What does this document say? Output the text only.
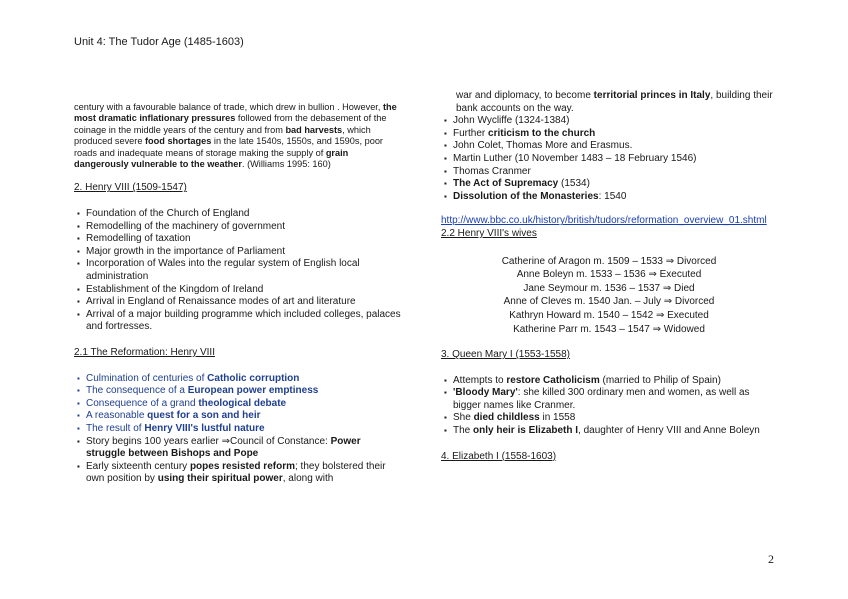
Unit 4: The Tudor Age (1485-1603)

century with a favourable balance of trade, which drew in bullion . However, the most dramatic inflationary pressures followed from the debasement of the coinage in the middle years of the century and from bad harvests, which produced severe food shortages in the late 1540s, 1550s, and 1590s, poor roads and inadequate means of storage making the supply of grain dangerously vulnerable to the weather. (Williams 1995: 160)

2. Henry VIII (1509-1547)

▪ Foundation of the Church of England
▪ Remodelling of the machinery of government
▪ Remodelling of taxation
▪ Major growth in the importance of Parliament
▪ Incorporation of Wales into the regular system of English local administration
▪ Establishment of the Kingdom of Ireland
▪ Arrival in England of Renaissance modes of art and literature
▪ Arrival of a major building programme which included colleges, palaces and fortresses.

2.1 The Reformation: Henry VIII

▪ Culmination of centuries of Catholic corruption
▪ The consequence of a European power emptiness
▪ Consequence of a grand theological debate
▪ A reasonable quest for a son and heir
▪ The result of Henry VIII's lustful nature
▪ Story begins 100 years earlier ⇒Council of Constance: Power struggle between Bishops and Pope
▪ Early sixteenth century popes resisted reform; they bolstered their own position by using their spiritual power, along with

war and diplomacy, to become territorial princes in Italy, building their bank accounts on the way.

▪ John Wycliffe (1324-1384)
▪ Further criticism to the church
▪ John Colet, Thomas More and Erasmus.
▪ Martin Luther (10 November 1483 – 18 February 1546)
▪ Thomas Cranmer
▪ The Act of Supremacy (1534)
▪ Dissolution of the Monasteries: 1540

http://www.bbc.co.uk/history/british/tudors/reformation_overview_01.shtml

2.2 Henry VIII's wives

Catherine of Aragon m. 1509 – 1533 ⇒ Divorced
Anne Boleyn m. 1533 – 1536 ⇒ Executed
Jane Seymour m. 1536 – 1537 ⇒ Died
Anne of Cleves m. 1540 Jan. – July ⇒ Divorced
Kathryn Howard m. 1540 – 1542 ⇒ Executed
Katherine Parr m. 1543 – 1547 ⇒ Widowed

3. Queen Mary I (1553-1558)

▪ Attempts to restore Catholicism (married to Philip of Spain)
▪ 'Bloody Mary': she killed 300 ordinary men and women, as well as bigger names like Cranmer.
▪ She died childless in 1558
▪ The only heir is Elizabeth I, daughter of Henry VIII and Anne Boleyn

4. Elizabeth I (1558-1603)

2
